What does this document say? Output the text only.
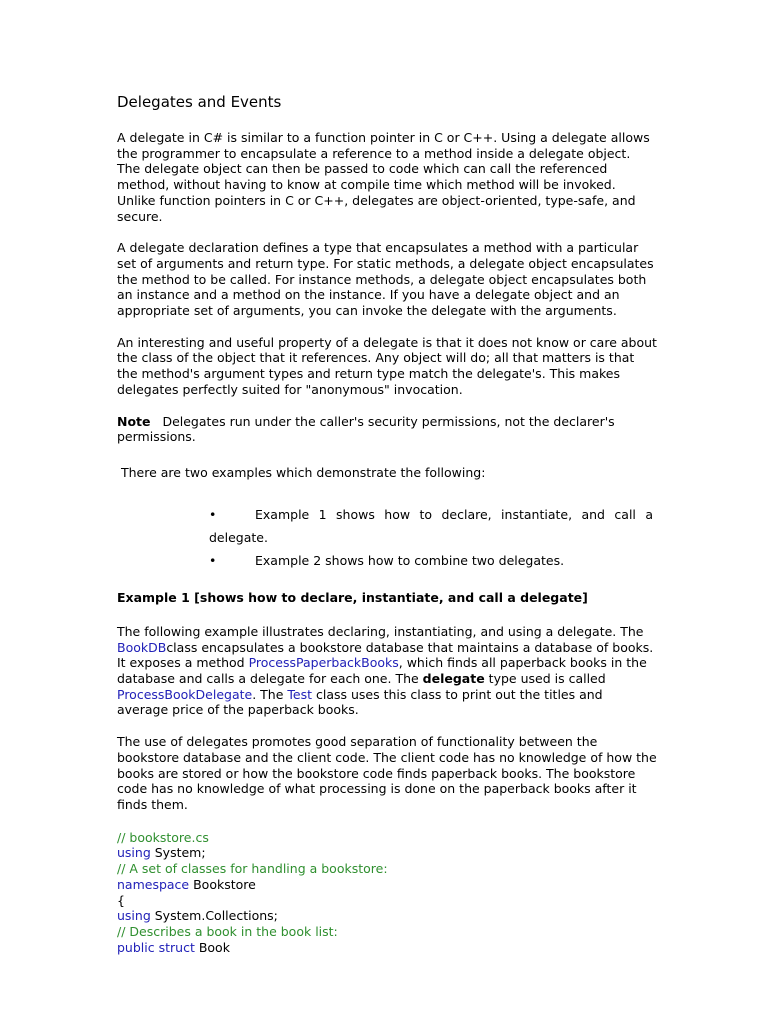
Delegates and Events

A delegate in C# is similar to a function pointer in C or C++. Using a delegate allows the programmer to encapsulate a reference to a method inside a delegate object. The delegate object can then be passed to code which can call the referenced method, without having to know at compile time which method will be invoked. Unlike function pointers in C or C++, delegates are object-oriented, type-safe, and secure.

A delegate declaration defines a type that encapsulates a method with a particular set of arguments and return type. For static methods, a delegate object encapsulates the method to be called. For instance methods, a delegate object encapsulates both an instance and a method on the instance. If you have a delegate object and an appropriate set of arguments, you can invoke the delegate with the arguments.

An interesting and useful property of a delegate is that it does not know or care about the class of the object that it references. Any object will do; all that matters is that the method's argument types and return type match the delegate's. This makes delegates perfectly suited for "anonymous" invocation.

Note Delegates run under the caller's security permissions, not the declarer's permissions.

There are two examples which demonstrate the following:
•	Example 1 shows how to declare, instantiate, and call a
delegate.
•	Example 2 shows how to combine two delegates.
Example 1 [shows how to declare, instantiate, and call a delegate]

The following example illustrates declaring, instantiating, and using a delegate. The BookDBclass encapsulates a bookstore database that maintains a database of books. It exposes a method ProcessPaperbackBooks, which finds all paperback books in the database and calls a delegate for each one. The delegate type used is called ProcessBookDelegate. The Test class uses this class to print out the titles and average price of the paperback books.

The use of delegates promotes good separation of functionality between the bookstore database and the client code. The client code has no knowledge of how the books are stored or how the bookstore code finds paperback books. The bookstore code has no knowledge of what processing is done on the paperback books after it finds them.

// bookstore.cs
using System;
// A set of classes for handling a bookstore:
namespace Bookstore
{
using System.Collections;
// Describes a book in the book list:
public struct Book
